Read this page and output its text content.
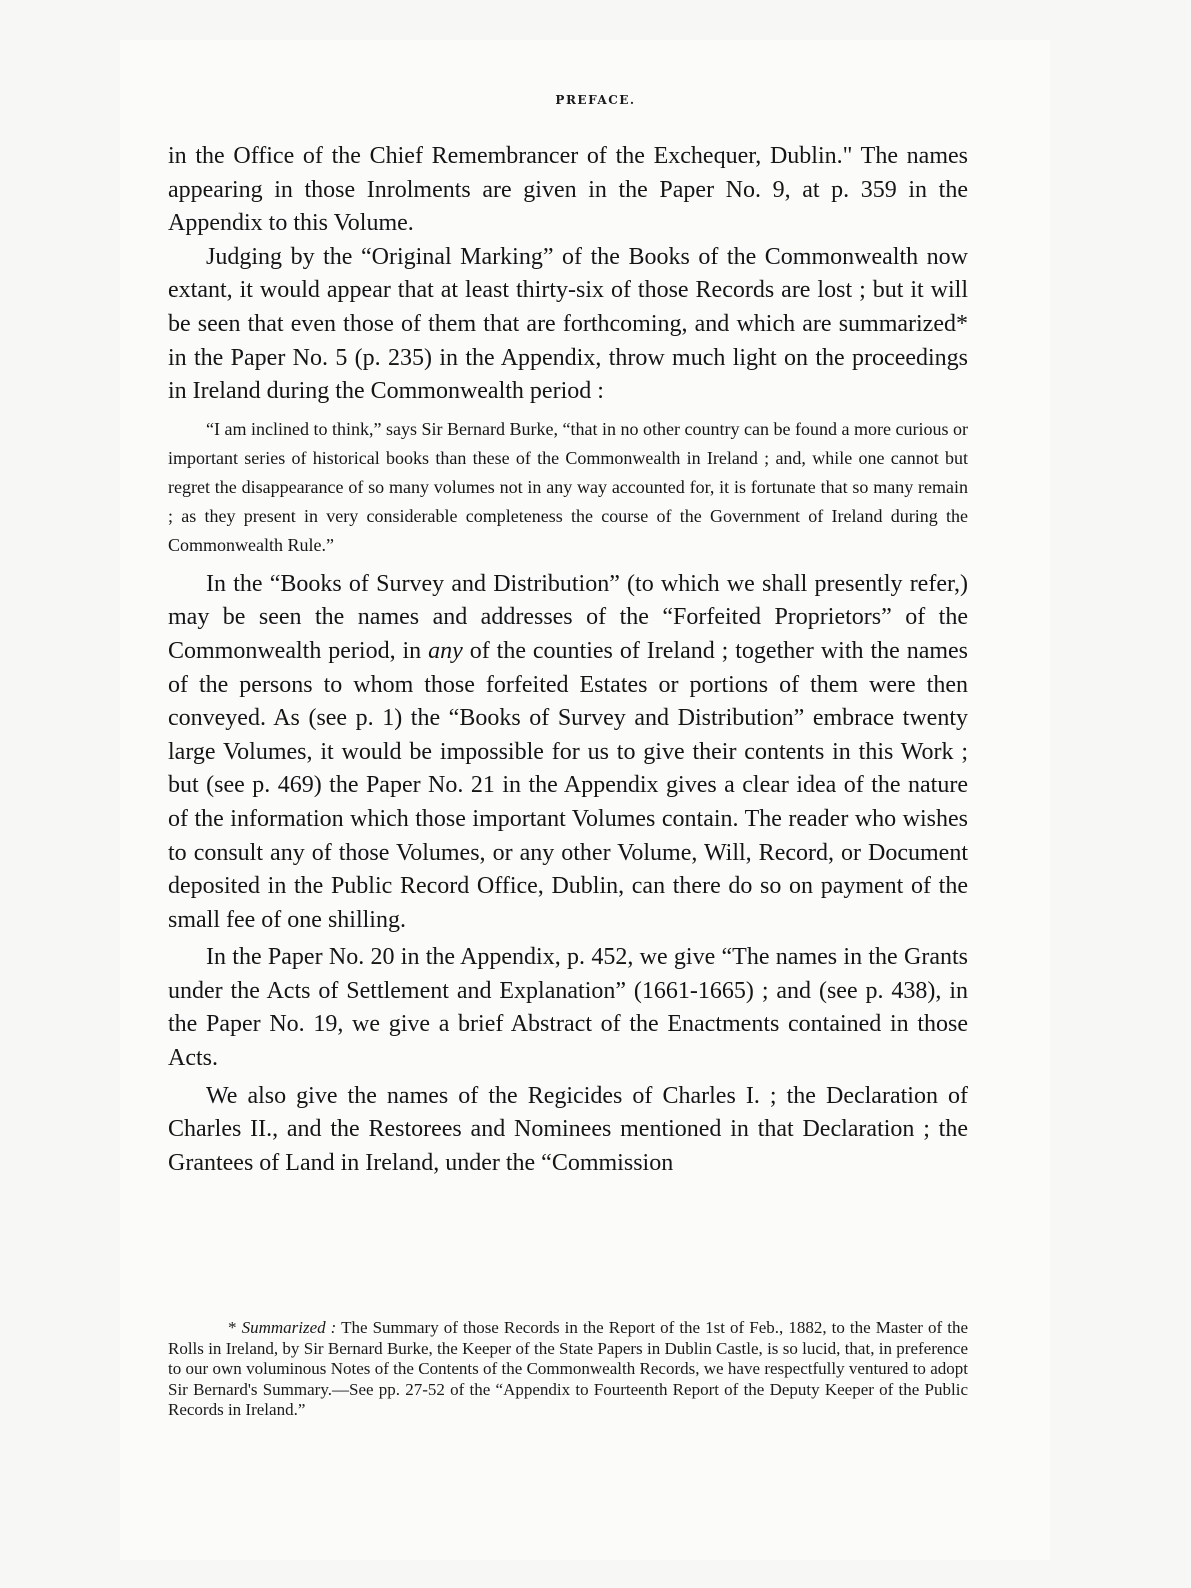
PREFACE.

in the Office of the Chief Remembrancer of the Exchequer, Dublin." The names appearing in those Inrolments are given in the Paper No. 9, at p. 359 in the Appendix to this Volume.

Judging by the “Original Marking” of the Books of the Commonwealth now extant, it would appear that at least thirty-six of those Records are lost ; but it will be seen that even those of them that are forthcoming, and which are summarized* in the Paper No. 5 (p. 235) in the Appendix, throw much light on the proceedings in Ireland during the Commonwealth period :

“I am inclined to think,” says Sir Bernard Burke, “that in no other country can be found a more curious or important series of historical books than these of the Commonwealth in Ireland ; and, while one cannot but regret the disappearance of so many volumes not in any way accounted for, it is fortunate that so many remain ; as they present in very considerable completeness the course of the Government of Ireland during the Commonwealth Rule.”

In the “Books of Survey and Distribution” (to which we shall presently refer,) may be seen the names and addresses of the “Forfeited Proprietors” of the Commonwealth period, in any of the counties of Ireland ; together with the names of the persons to whom those forfeited Estates or portions of them were then conveyed. As (see p. 1) the “Books of Survey and Distribution” embrace twenty large Volumes, it would be impossible for us to give their contents in this Work ; but (see p. 469) the Paper No. 21 in the Appendix gives a clear idea of the nature of the information which those important Volumes contain. The reader who wishes to consult any of those Volumes, or any other Volume, Will, Record, or Document deposited in the Public Record Office, Dublin, can there do so on payment of the small fee of one shilling.

In the Paper No. 20 in the Appendix, p. 452, we give “The names in the Grants under the Acts of Settlement and Explanation” (1661-1665) ; and (see p. 438), in the Paper No. 19, we give a brief Abstract of the Enactments contained in those Acts.

We also give the names of the Regicides of Charles I. ; the Declaration of Charles II., and the Restorees and Nominees mentioned in that Declaration ; the Grantees of Land in Ireland, under the “Commission

* Summarized : The Summary of those Records in the Report of the 1st of Feb., 1882, to the Master of the Rolls in Ireland, by Sir Bernard Burke, the Keeper of the State Papers in Dublin Castle, is so lucid, that, in preference to our own voluminous Notes of the Contents of the Commonwealth Records, we have respectfully ventured to adopt Sir Bernard's Summary.—See pp. 27-52 of the “Appendix to Fourteenth Report of the Deputy Keeper of the Public Records in Ireland.”
